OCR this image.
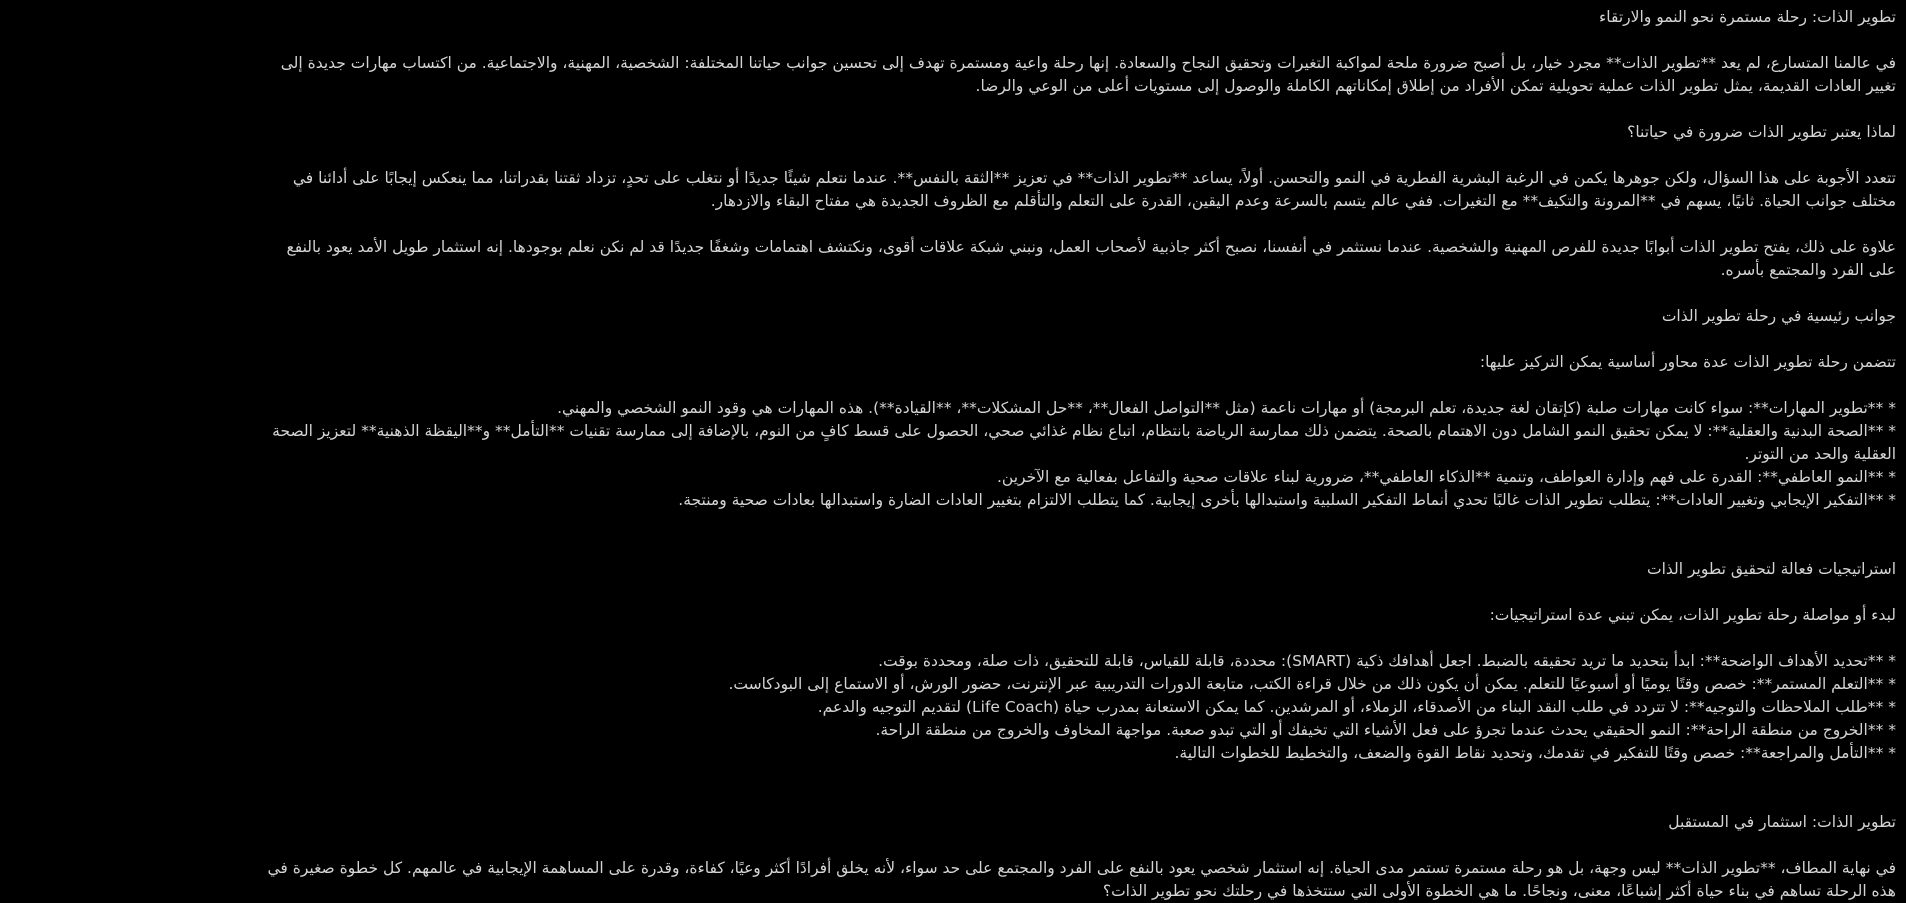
تطوير الذات: رحلة مستمرة نحو النمو والارتقاء
في عالمنا المتسارع، لم يعد **تطوير الذات** مجرد خيار، بل أصبح ضرورة ملحة لمواكبة التغيرات وتحقيق النجاح والسعادة. إنها رحلة واعية ومستمرة تهدف إلى تحسين جوانب حياتنا المختلفة: الشخصية، المهنية، والاجتماعية. من اكتساب مهارات جديدة إلى
تغيير العادات القديمة، يمثل تطوير الذات عملية تحويلية تمكن الأفراد من إطلاق إمكاناتهم الكاملة والوصول إلى مستويات أعلى من الوعي والرضا.
لماذا يعتبر تطوير الذات ضرورة في حياتنا؟
تتعدد الأجوبة على هذا السؤال، ولكن جوهرها يكمن في الرغبة البشرية الفطرية في النمو والتحسن. أولاً، يساعد **تطوير الذات** في تعزيز **الثقة بالنفس**. عندما نتعلم شيئًا جديدًا أو نتغلب على تحدٍ، تزداد ثقتنا بقدراتنا، مما ينعكس إيجابًا على أدائنا في
مختلف جوانب الحياة. ثانيًا، يسهم في **المرونة والتكيف** مع التغيرات. ففي عالم يتسم بالسرعة وعدم اليقين، القدرة على التعلم والتأقلم مع الظروف الجديدة هي مفتاح البقاء والازدهار.
علاوة على ذلك، يفتح تطوير الذات أبوابًا جديدة للفرص المهنية والشخصية. عندما نستثمر في أنفسنا، نصبح أكثر جاذبية لأصحاب العمل، ونبني شبكة علاقات أقوى، ونكتشف اهتمامات وشغفًا جديدًا قد لم نكن نعلم بوجودها. إنه استثمار طويل الأمد يعود بالنفع
على الفرد والمجتمع بأسره.
جوانب رئيسية في رحلة تطوير الذات
تتضمن رحلة تطوير الذات عدة محاور أساسية يمكن التركيز عليها:
* **تطوير المهارات**: سواء كانت مهارات صلبة (كإتقان لغة جديدة، تعلم البرمجة) أو مهارات ناعمة (مثل **التواصل الفعال**، **حل المشكلات**، **القيادة**). هذه المهارات هي وقود النمو الشخصي والمهني.
* **الصحة البدنية والعقلية**: لا يمكن تحقيق النمو الشامل دون الاهتمام بالصحة. يتضمن ذلك ممارسة الرياضة بانتظام، اتباع نظام غذائي صحي، الحصول على قسط كافٍ من النوم، بالإضافة إلى ممارسة تقنيات **التأمل** و**اليقظة الذهنية** لتعزيز الصحة
العقلية والحد من التوتر.
* **النمو العاطفي**: القدرة على فهم وإدارة العواطف، وتنمية **الذكاء العاطفي**، ضرورية لبناء علاقات صحية والتفاعل بفعالية مع الآخرين.
* **التفكير الإيجابي وتغيير العادات**: يتطلب تطوير الذات غالبًا تحدي أنماط التفكير السلبية واستبدالها بأخرى إيجابية. كما يتطلب الالتزام بتغيير العادات الضارة واستبدالها بعادات صحية ومنتجة.
استراتيجيات فعالة لتحقيق تطوير الذات
لبدء أو مواصلة رحلة تطوير الذات، يمكن تبني عدة استراتيجيات:
* **تحديد الأهداف الواضحة**: ابدأ بتحديد ما تريد تحقيقه بالضبط. اجعل أهدافك ذكية (SMART): محددة، قابلة للقياس، قابلة للتحقيق، ذات صلة، ومحددة بوقت.
* **التعلم المستمر**: خصص وقتًا يوميًا أو أسبوعيًا للتعلم. يمكن أن يكون ذلك من خلال قراءة الكتب، متابعة الدورات التدريبية عبر الإنترنت، حضور الورش، أو الاستماع إلى البودكاست.
* **طلب الملاحظات والتوجيه**: لا تتردد في طلب النقد البناء من الأصدقاء، الزملاء، أو المرشدين. كما يمكن الاستعانة بمدرب حياة (Life Coach) لتقديم التوجيه والدعم.
* **الخروج من منطقة الراحة**: النمو الحقيقي يحدث عندما تجرؤ على فعل الأشياء التي تخيفك أو التي تبدو صعبة. مواجهة المخاوف والخروج من منطقة الراحة.
* **التأمل والمراجعة**: خصص وقتًا للتفكير في تقدمك، وتحديد نقاط القوة والضعف، والتخطيط للخطوات التالية.
تطوير الذات: استثمار في المستقبل
في نهاية المطاف، **تطوير الذات** ليس وجهة، بل هو رحلة مستمرة تستمر مدى الحياة. إنه استثمار شخصي يعود بالنفع على الفرد والمجتمع على حد سواء، لأنه يخلق أفرادًا أكثر وعيًا، كفاءة، وقدرة على المساهمة الإيجابية في عالمهم. كل خطوة صغيرة في
هذه الرحلة تساهم في بناء حياة أكثر إشباعًا، معنى، ونجاحًا. ما هي الخطوة الأولى التي ستتخذها في رحلتك نحو تطوير الذات؟
